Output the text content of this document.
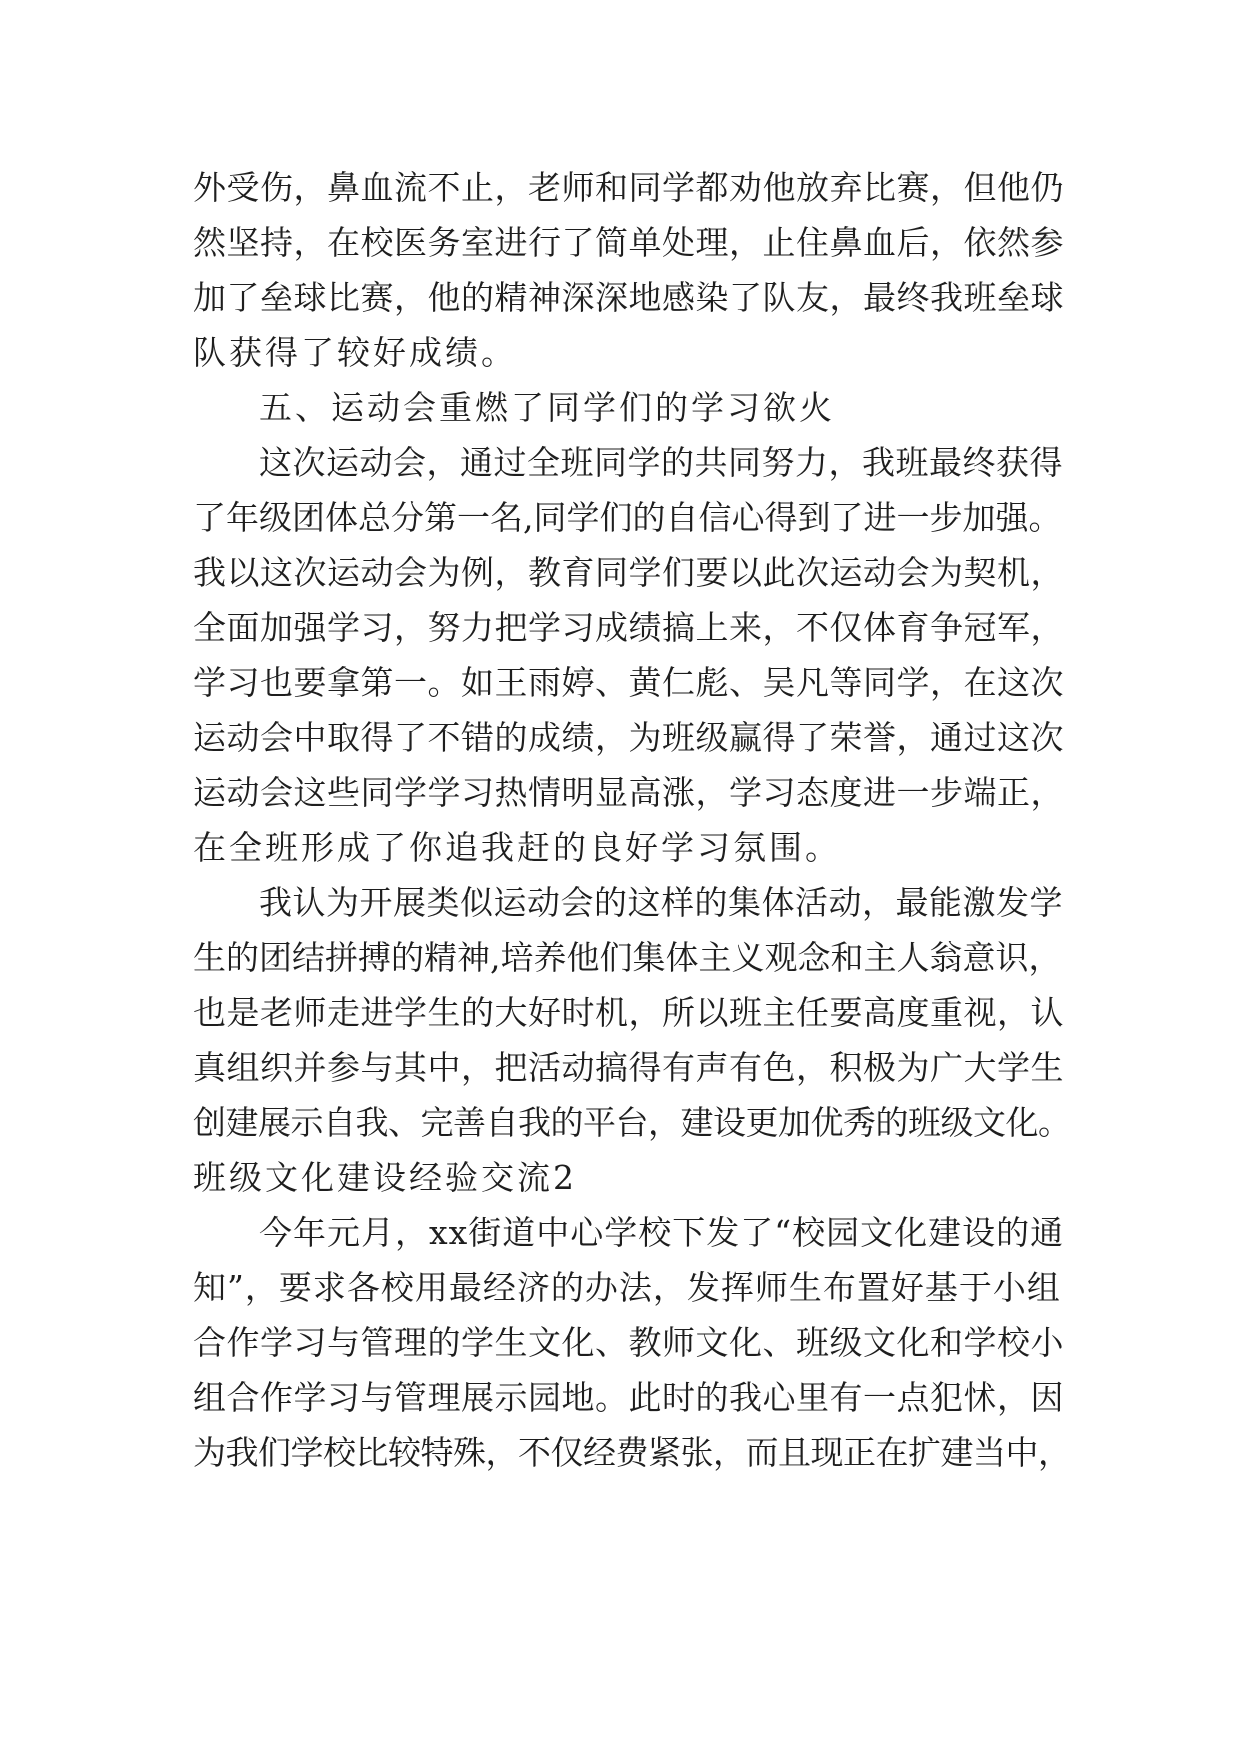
外受伤，鼻血流不止，老师和同学都劝他放弃比赛，但他仍
然坚持，在校医务室进行了简单处理，止住鼻血后，依然参
加了垒球比赛，他的精神深深地感染了队友，最终我班垒球
队获得了较好成绩。
五、运动会重燃了同学们的学习欲火
这次运动会，通过全班同学的共同努力，我班最终获得
了年级团体总分第一名,同学们的自信心得到了进一步加强。
我以这次运动会为例，教育同学们要以此次运动会为契机，
全面加强学习，努力把学习成绩搞上来，不仅体育争冠军，
学习也要拿第一。如王雨婷、黄仁彪、吴凡等同学，在这次
运动会中取得了不错的成绩，为班级赢得了荣誉，通过这次
运动会这些同学学习热情明显高涨，学习态度进一步端正，
在全班形成了你追我赶的良好学习氛围。
我认为开展类似运动会的这样的集体活动，最能激发学
生的团结拼搏的精神,培养他们集体主义观念和主人翁意识，
也是老师走进学生的大好时机，所以班主任要高度重视，认
真组织并参与其中，把活动搞得有声有色，积极为广大学生
创建展示自我、完善自我的平台，建设更加优秀的班级文化。
班级文化建设经验交流2
今年元月，xx街道中心学校下发了“校园文化建设的通
知”，要求各校用最经济的办法，发挥师生布置好基于小组
合作学习与管理的学生文化、教师文化、班级文化和学校小
组合作学习与管理展示园地。此时的我心里有一点犯怵，因
为我们学校比较特殊，不仅经费紧张，而且现正在扩建当中，
